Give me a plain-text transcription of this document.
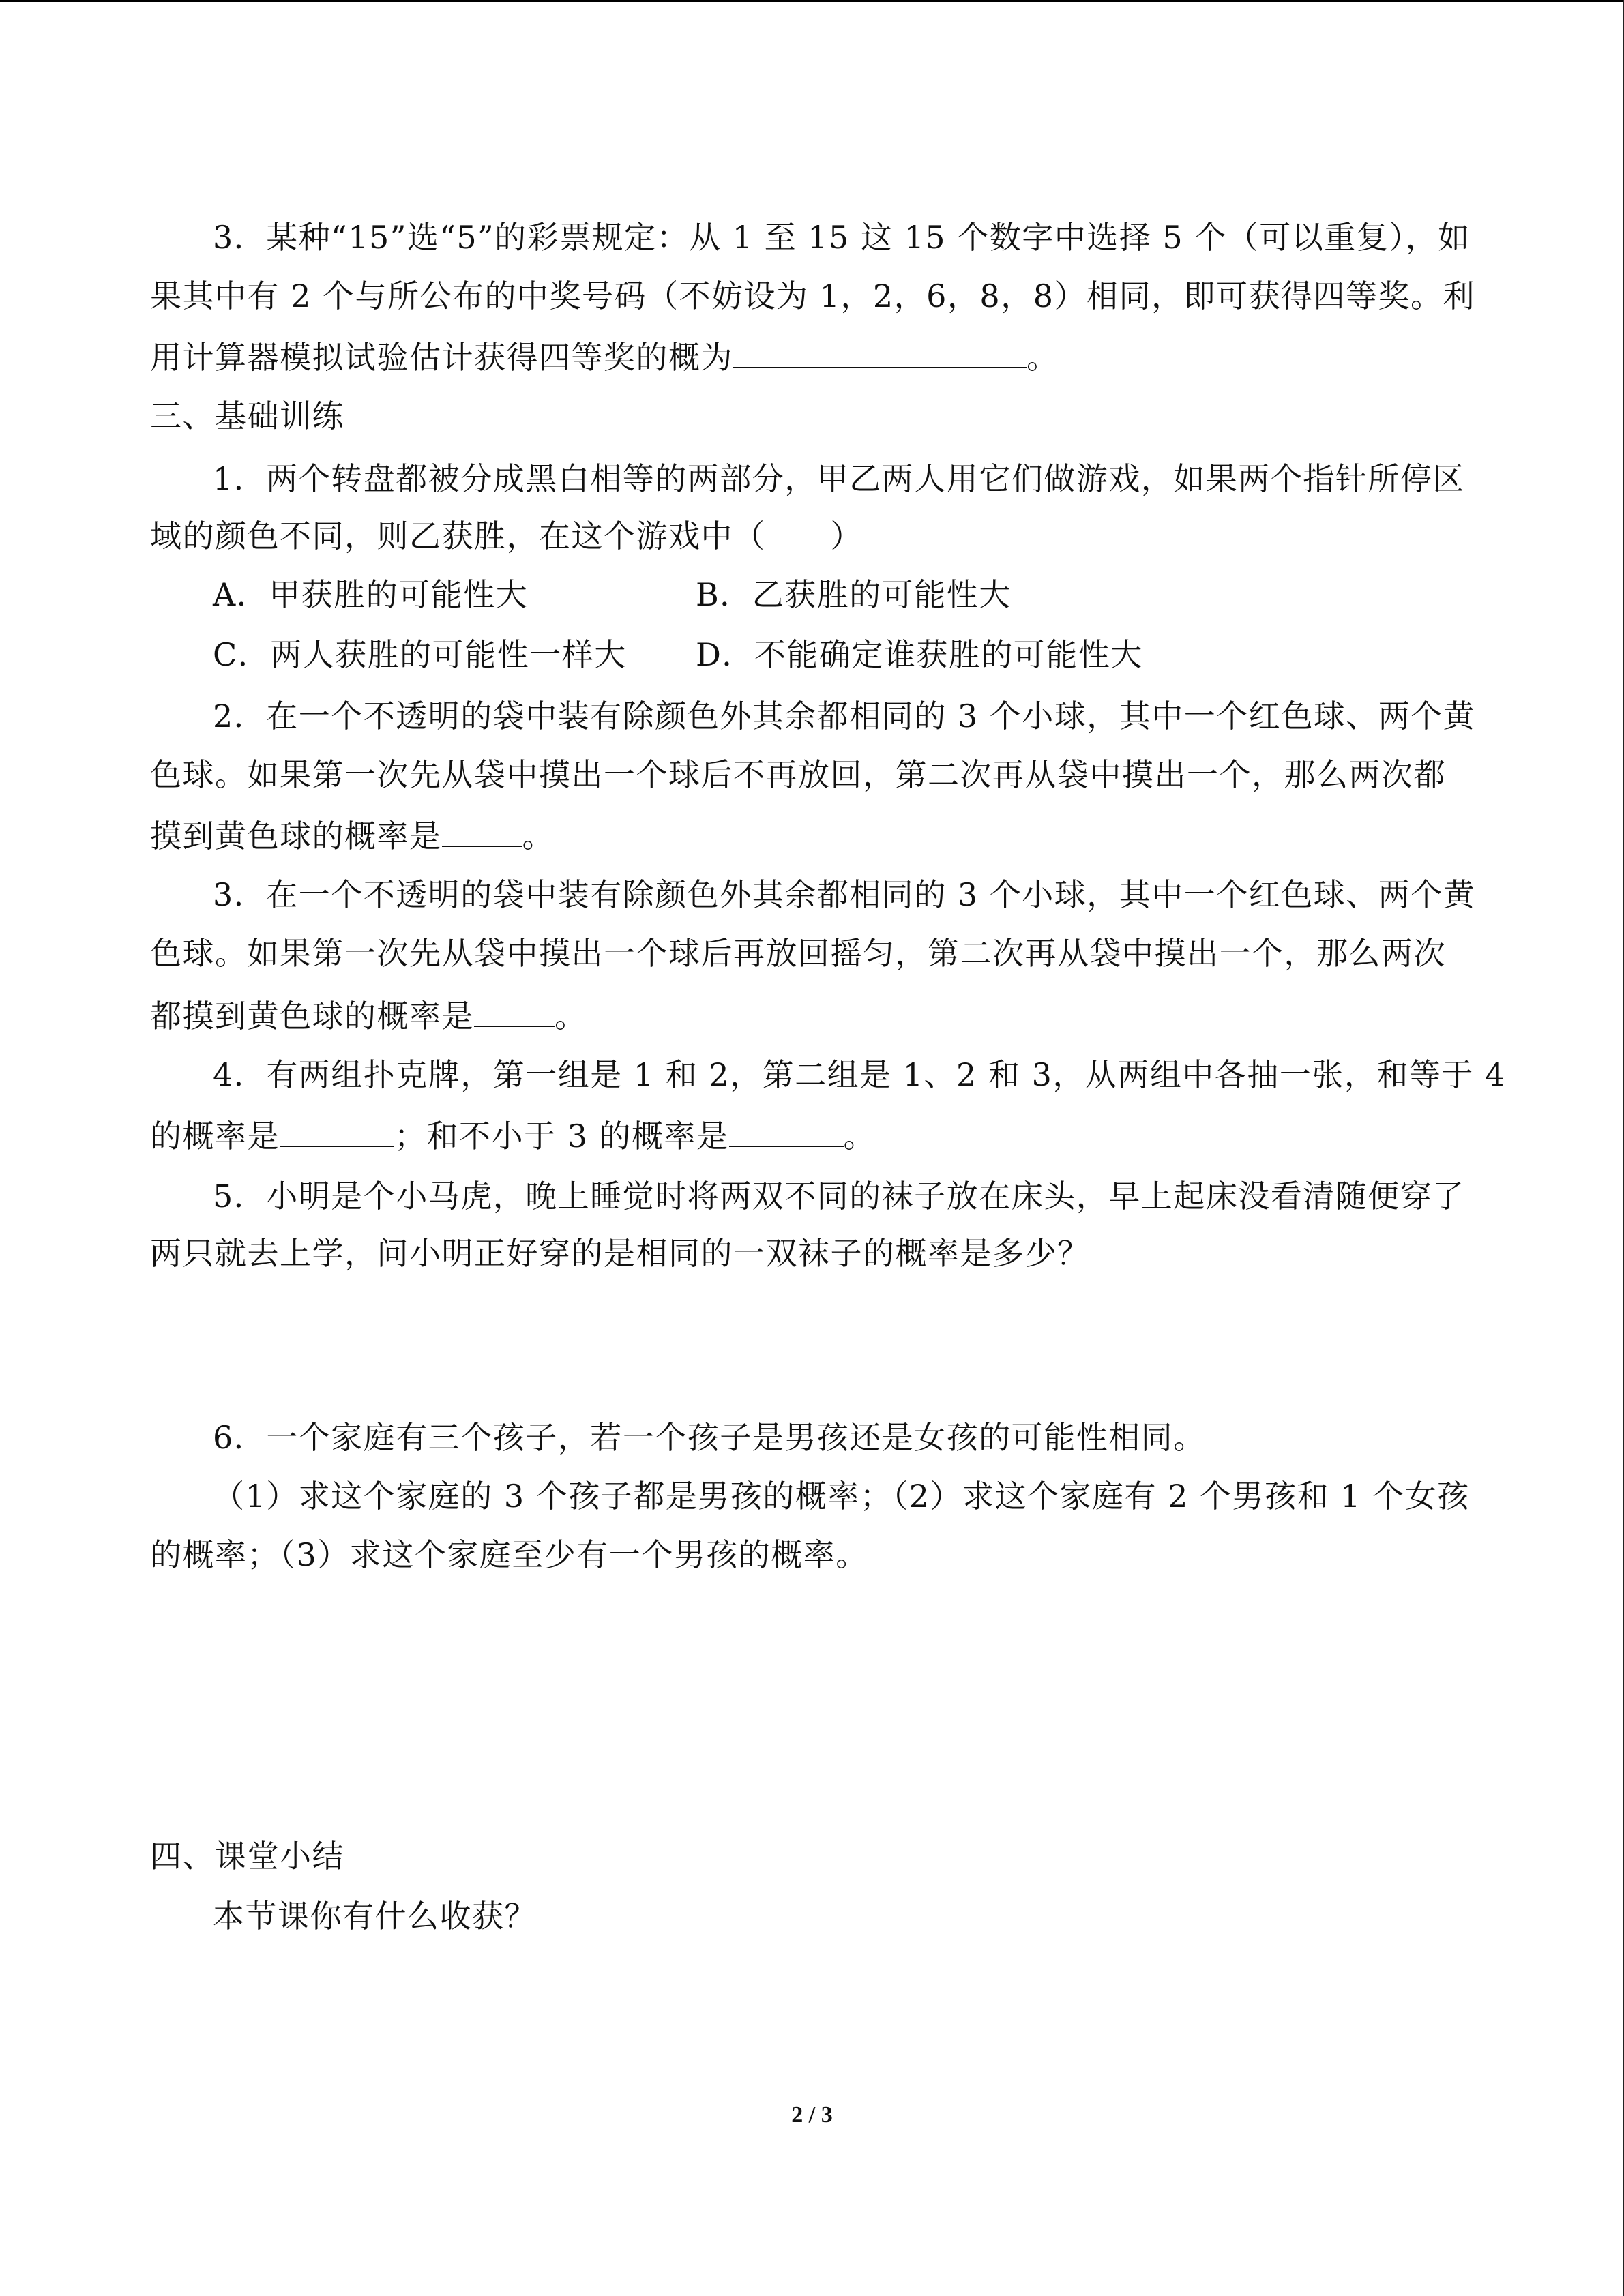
3．某种“15”选“5”的彩票规定：从 1 至 15 这 15 个数字中选择 5 个（可以重复），如
果其中有 2 个与所公布的中奖号码（不妨设为 1，2，6，8，8）相同，即可获得四等奖。利
用计算器模拟试验估计获得四等奖的概为	。
三、基础训练
1．两个转盘都被分成黑白相等的两部分，甲乙两人用它们做游戏，如果两个指针所停区
域的颜色不同，则乙获胜，在这个游戏中（　　）
A．甲获胜的可能性大	B．乙获胜的可能性大
C．两人获胜的可能性一样大 D．不能确定谁获胜的可能性大
2．在一个不透明的袋中装有除颜色外其余都相同的 3 个小球，其中一个红色球、两个黄
色球。如果第一次先从袋中摸出一个球后不再放回，第二次再从袋中摸出一个，那么两次都
摸到黄色球的概率是	。
3．在一个不透明的袋中装有除颜色外其余都相同的 3 个小球，其中一个红色球、两个黄
色球。如果第一次先从袋中摸出一个球后再放回摇匀，第二次再从袋中摸出一个，那么两次
都摸到黄色球的概率是	。
4．有两组扑克牌，第一组是 1 和 2，第二组是 1、2 和 3，从两组中各抽一张，和等于 4
的概率是	；和不小于 3 的概率是	。
5．小明是个小马虎，晚上睡觉时将两双不同的袜子放在床头，早上起床没看清随便穿了
两只就去上学，问小明正好穿的是相同的一双袜子的概率是多少？
6．一个家庭有三个孩子，若一个孩子是男孩还是女孩的可能性相同。
（1）求这个家庭的 3 个孩子都是男孩的概率；（2）求这个家庭有 2 个男孩和 1 个女孩
的概率；（3）求这个家庭至少有一个男孩的概率。
四、课堂小结
本节课你有什么收获？
2 / 3
